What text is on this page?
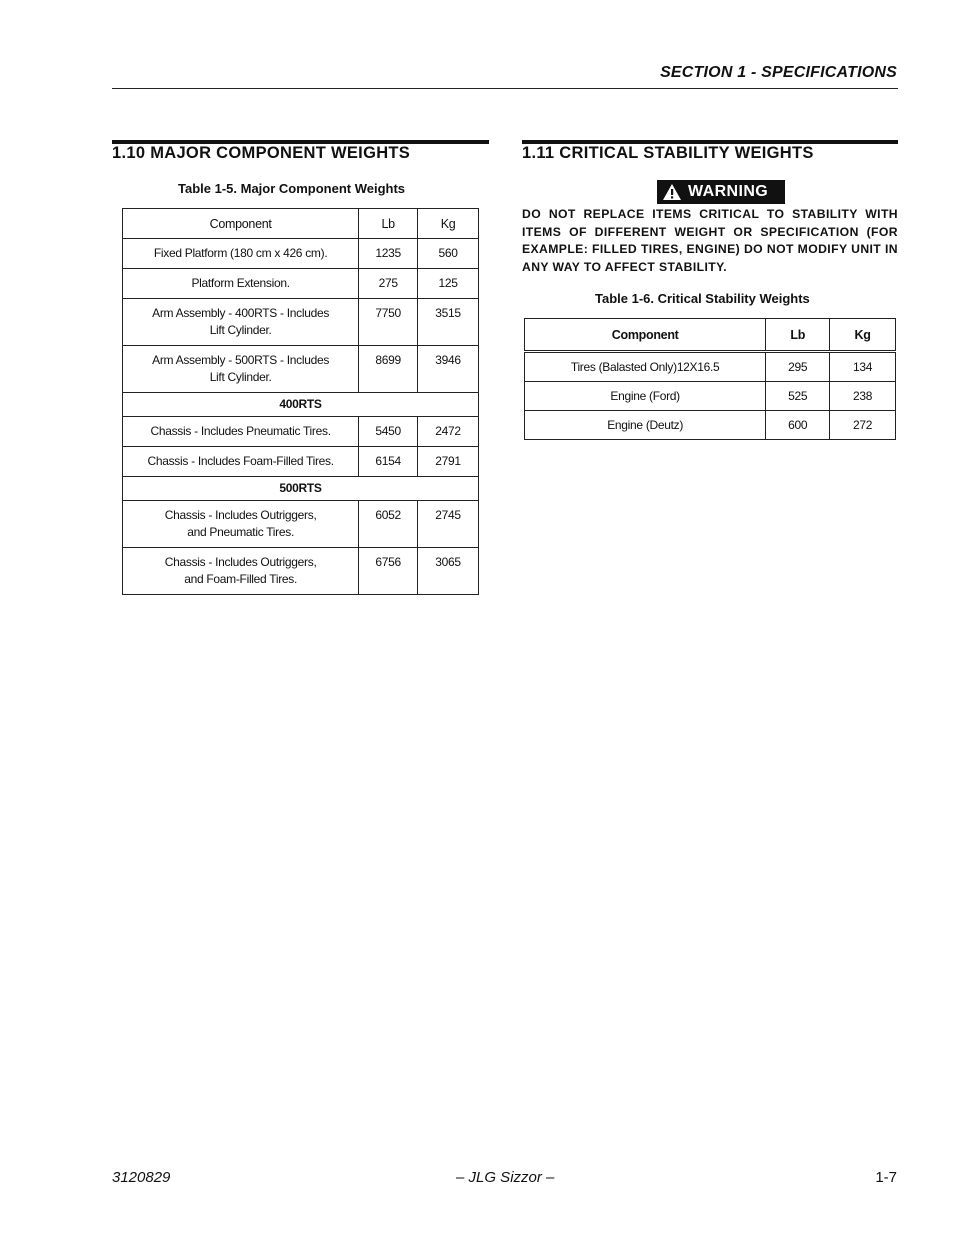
SECTION 1 - SPECIFICATIONS
1.10 MAJOR COMPONENT WEIGHTS
Table 1-5. Major Component Weights
Component	Lb	Kg
Fixed Platform (180 cm x 426 cm).	1235	560
Platform Extension.	275	125
Arm Assembly - 400RTS - Includes
Lift Cylinder.	7750	3515
Arm Assembly - 500RTS - Includes
Lift Cylinder.	8699	3946
400RTS		
Chassis - Includes Pneumatic Tires.	5450	2472
Chassis - Includes Foam-Filled Tires.	6154	2791
500RTS		
Chassis - Includes Outriggers,
and Pneumatic Tires.	6052	2745
Chassis - Includes Outriggers,
and Foam-Filled Tires.	6756	3065
1.11 CRITICAL STABILITY WEIGHTS
WARNING
DO NOT REPLACE ITEMS CRITICAL TO STABILITY WITH ITEMS OF DIFFERENT WEIGHT OR SPECIFICATION (FOR EXAMPLE: FILLED TIRES, ENGINE) DO NOT MODIFY UNIT IN ANY WAY TO AFFECT STABILITY.
Table 1-6. Critical Stability Weights
Component	Lb	Kg
Tires (Balasted Only)12X16.5	295	134
Engine (Ford)	525	238
Engine (Deutz)	600	272
3120829	– JLG Sizzor –	1-7
